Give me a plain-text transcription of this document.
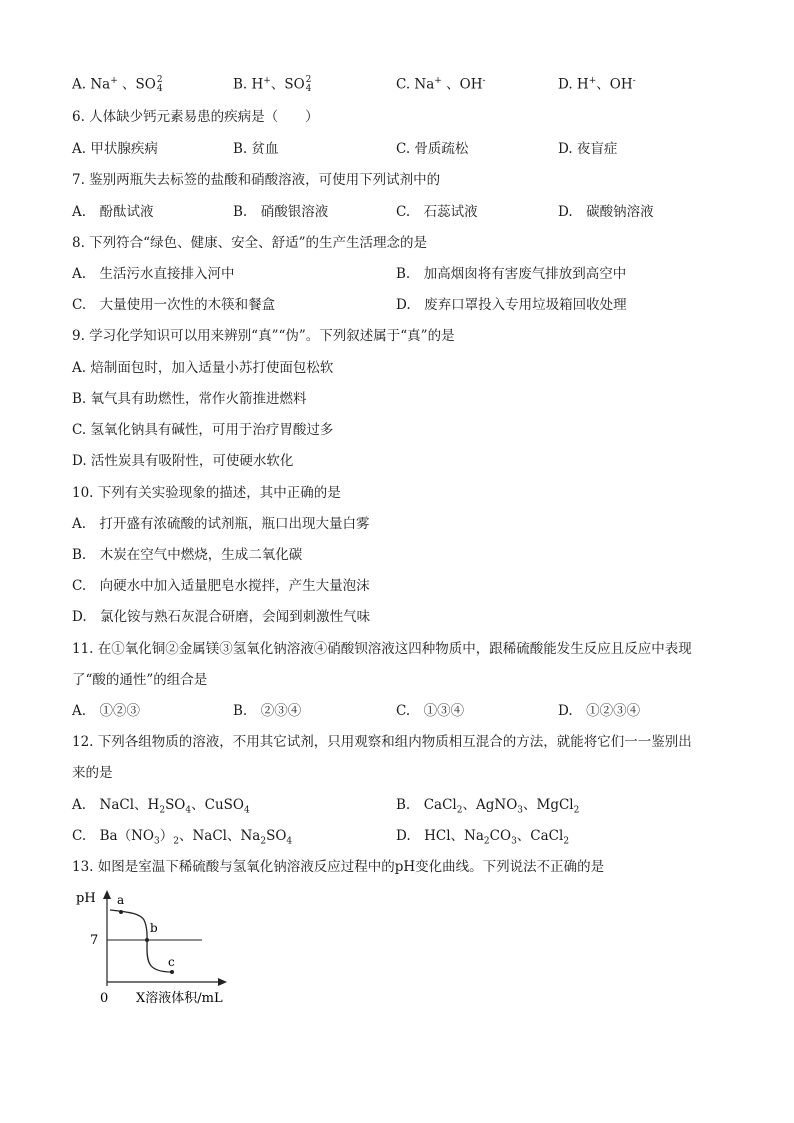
A. Na+ 、SO 2
4	B. H+、SO 2
4	C. Na+ 、OH-	D. H+、OH-
6. 人体缺少钙元素易患的疾病是（　　）
A. 甲状腺疾病	B. 贫血	C. 骨质疏松	D. 夜盲症
7. 鉴别两瓶失去标签的盐酸和硝酸溶液，可使用下列试剂中的
A.　酚酞试液	B.　硝酸银溶液	C.　石蕊试液	D.　碳酸钠溶液
8. 下列符合“绿色、健康、安全、舒适”的生产生活理念的是
A.　生活污水直接排入河中	B.　加高烟囱将有害废气排放到高空中
C.　大量使用一次性的木筷和餐盒	D.　废弃口罩投入专用垃圾箱回收处理
9. 学习化学知识可以用来辨别“真”“伪”。下列叙述属于“真”的是
A. 焙制面包时，加入适量小苏打使面包松软
B. 氧气具有助燃性，常作火箭推进燃料
C. 氢氧化钠具有碱性，可用于治疗胃酸过多
D. 活性炭具有吸附性，可使硬水软化
10. 下列有关实验现象的描述，其中正确的是
A.　打开盛有浓硫酸的试剂瓶，瓶口出现大量白雾
B.　木炭在空气中燃烧，生成二氧化碳
C.　向硬水中加入适量肥皂水搅拌，产生大量泡沫
D.　氯化铵与熟石灰混合研磨，会闻到刺激性气味
11. 在①氧化铜②金属镁③氢氧化钠溶液④硝酸钡溶液这四种物质中，跟稀硫酸能发生反应且反应中表现
了“酸的通性”的组合是
A.　①②③	B.　②③④	C.　①③④	D.　①②③④
12. 下列各组物质的溶液，不用其它试剂，只用观察和组内物质相互混合的方法，就能将它们一一鉴别出
来的是
A.　NaCl、$H_2SO_4$、CuSO$_4$	B.　CaCl$_2$、AgNO$_3$、MgCl$_2$
C.　$Ba(NO_3)_2$、NaCl、$Na_2SO_4$	D.　HCl、$Na_2CO_3$、CaCl$_2$
13. 如图是室温下稀硫酸与氢氧化钠溶液反应过程中的pH变化曲线。下列说法不正确的是
pH
7
a
b
c
0 X溶液体积/mL
